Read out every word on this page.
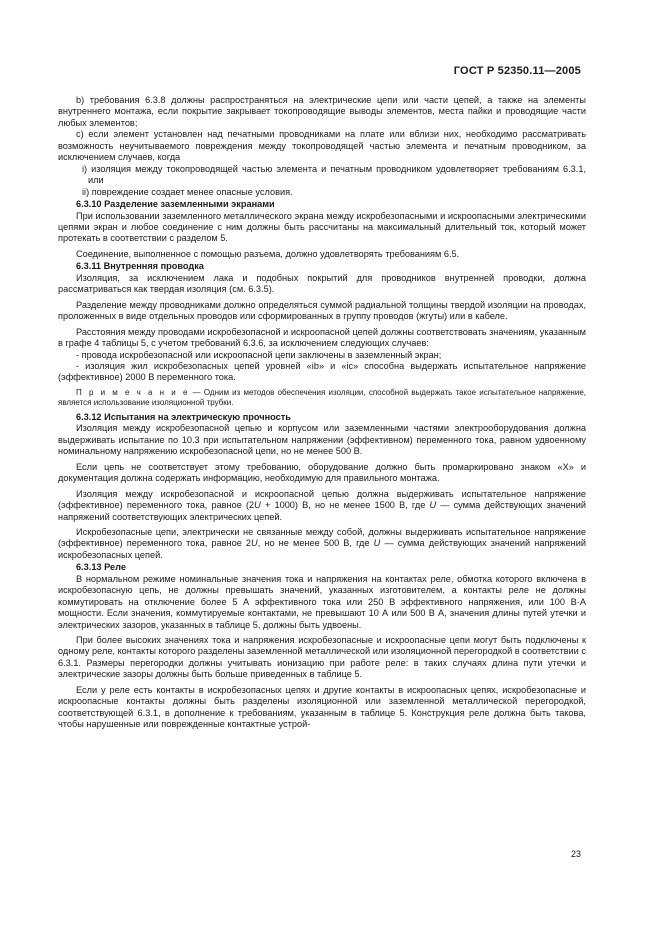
ГОСТ Р 52350.11—2005

b) требования 6.3.8 должны распространяться на электрические цепи или части цепей, а также на элементы внутреннего монтажа, если покрытие закрывает токопроводящие выводы элементов, места пайки и проводящие части любых элементов;

c) если элемент установлен над печатными проводниками на плате или вблизи них, необходимо рассматривать возможность неучитываемого повреждения между токопроводящей частью элемента и печатным проводником, за исключением случаев, когда

i) изоляция между токопроводящей частью элемента и печатным проводником удовлетворяет требованиям 6.3.1, или

ii) повреждение создает менее опасные условия.

6.3.10 Разделение заземленными экранами

При использовании заземленного металлического экрана между искробезопасными и искроопасными электрическими цепями экран и любое соединение с ним должны быть рассчитаны на максимальный длительный ток, который может протекать в соответствии с разделом 5.

Соединение, выполненное с помощью разъема, должно удовлетворять требованиям 6.5.

6.3.11 Внутренняя проводка

Изоляция, за исключением лака и подобных покрытий для проводников внутренней проводки, должна рассматриваться как твердая изоляция (см. 6.3.5).

Разделение между проводниками должно определяться суммой радиальной толщины твердой изоляции на проводах, проложенных в виде отдельных проводов или сформированных в группу проводов (жгуты) или в кабеле.

Расстояния между проводами искробезопасной и искроопасной цепей должны соответствовать значениям, указанным в графе 4 таблицы 5, с учетом требований 6.3.6, за исключением следующих случаев:

- провода искробезопасной или искроопасной цепи заключены в заземленный экран;

- изоляция жил искробезопасных цепей уровней «ib» и «ic» способна выдержать испытательное напряжение (эффективное) 2000 В переменного тока.

П р и м е ч а н и е — Одним из методов обеспечения изоляции, способной выдержать такое испытательное напряжение, является использование изоляционной трубки.

6.3.12 Испытания на электрическую прочность

Изоляция между искробезопасной цепью и корпусом или заземленными частями электрооборудования должна выдерживать испытание по 10.3 при испытательном напряжении (эффективном) переменного тока, равном удвоенному номинальному напряжению искробезопасной цепи, но не менее 500 В.

Если цепь не соответствует этому требованию, оборудование должно быть промаркировано знаком «X» и документация должна содержать информацию, необходимую для правильного монтажа.

Изоляция между искробезопасной и искроопасной цепью должна выдерживать испытательное напряжение (эффективное) переменного тока, равное (2U + 1000) В, но не менее 1500 В, где U — сумма действующих значений напряжений соответствующих электрических цепей.

Искробезопасные цепи, электрически не связанные между собой, должны выдерживать испытательное напряжение (эффективное) переменного тока, равное 2U, но не менее 500 В, где U — сумма действующих значений напряжений искробезопасных цепей.

6.3.13 Реле

В нормальном режиме номинальные значения тока и напряжения на контактах реле, обмотка которого включена в искробезопасную цепь, не должны превышать значений, указанных изготовителем, а контакты реле не должны коммутировать на отключение более 5 А эффективного тока или 250 В эффективного напряжения, или 100 В·А мощности. Если значения, коммутируемые контактами, не превышают 10 А или 500 В А, значения длины путей утечки и электрических зазоров, указанных в таблице 5, должны быть удвоены.

При более высоких значениях тока и напряжения искробезопасные и искроопасные цепи могут быть подключены к одному реле, контакты которого разделены заземленной металлической или изоляционной перегородкой в соответствии с 6.3.1. Размеры перегородки должны учитывать ионизацию при работе реле: в таких случаях длина пути утечки и электрические зазоры должны быть больше приведенных в таблице 5.

Если у реле есть контакты в искробезопасных цепях и другие контакты в искроопасных цепях, искробезопасные и искроопасные контакты должны быть разделены изоляционной или заземленной металлической перегородкой, соответствующей 6.3.1, в дополнение к требованиям, указанным в таблице 5. Конструкция реле должна быть такова, чтобы нарушенные или поврежденные контактные устрой-

23
